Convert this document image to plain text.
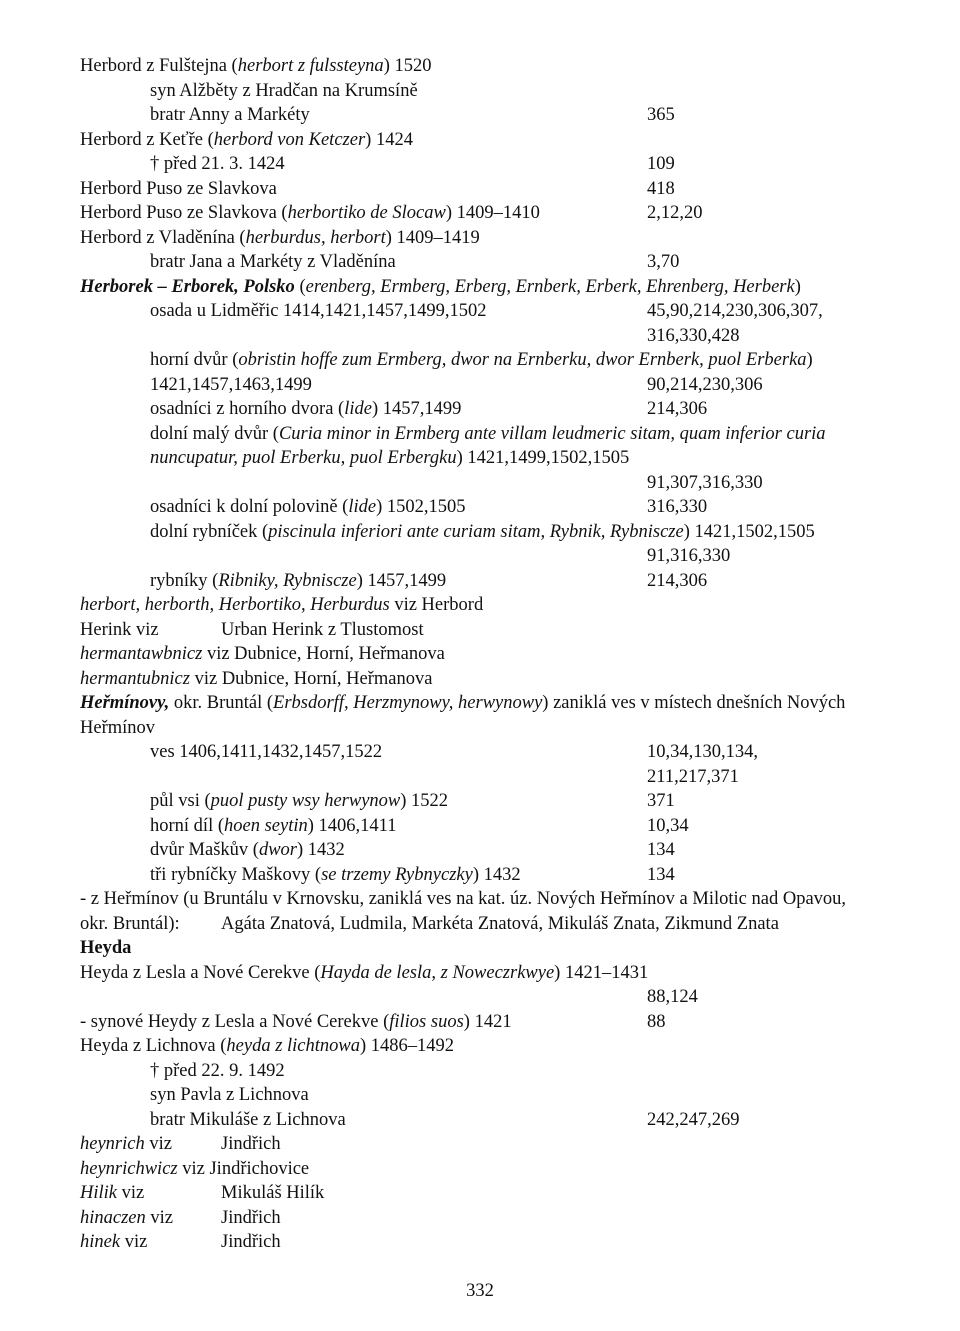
Herbord z Fulštejna (herbort z fulssteyna) 1520
syn Alžběty z Hradčan na Krumsíně
bratr Anny a Markéty	365
Herbord z Keťře (herbord von Ketczer) 1424
† před 21. 3. 1424	109
Herbord Puso ze Slavkova	418
Herbord Puso ze Slavkova (herbortiko de Slocaw) 1409–1410	2,12,20
Herbord z Vladěnína (herburdus, herbort) 1409–1419
bratr Jana a Markéty z Vladěnína	3,70
Herborek – Erborek, Polsko (erenberg, Ermberg, Erberg, Ernberk, Erberk, Ehrenberg, Herberk)
osada u Lidměřic 1414,1421,1457,1499,1502	45,90,214,230,306,307,
316,330,428
horní dvůr (obristin hoffe zum Ermberg, dwor na Ernberku, dwor Ernberk, puol Erberka)
1421,1457,1463,1499	90,214,230,306
osadníci z horního dvora (lide) 1457,1499	214,306
dolní malý dvůr (Curia minor in Ermberg ante villam leudmeric sitam, quam inferior curia
nuncupatur, puol Erberku, puol Erbergku) 1421,1499,1502,1505
91,307,316,330
osadníci k dolní polovině (lide) 1502,1505	316,330
dolní rybníček (piscinula inferiori ante curiam sitam, Rybnik, Rybniscze) 1421,1502,1505
91,316,330
rybníky (Ribniky, Rybniscze) 1457,1499	214,306
herbort, herborth, Herbortiko, Herburdus viz Herbord
Herink viz	Urban Herink z Tlustomost
hermantawbnicz viz Dubnice, Horní, Heřmanova
hermantubnicz viz Dubnice, Horní, Heřmanova
Heřmínovy, okr. Bruntál (Erbsdorff, Herzmynowy, herwynowy) zaniklá ves v místech dnešních Nových
Heřmínov
ves 1406,1411,1432,1457,1522	10,34,130,134,
211,217,371
půl vsi (puol pusty wsy herwynow) 1522	371
horní díl (hoen seytin) 1406,1411	10,34
dvůr Maškův (dwor) 1432	134
tři rybníčky Maškovy (se trzemy Rybnyczky) 1432	134
- z Heřmínov (u Bruntálu v Krnovsku, zaniklá ves na kat. úz. Nových Heřmínov a Milotic nad Opavou,
okr. Bruntál): Agáta Znatová, Ludmila, Markéta Znatová, Mikuláš Znata, Zikmund Znata
Heyda
Heyda z Lesla a Nové Cerekve (Hayda de lesla, z Noweczrkwye) 1421–1431
88,124
- synové Heydy z Lesla a Nové Cerekve (filios suos) 1421	88
Heyda z Lichnova (heyda z lichtnowa) 1486–1492
† před 22. 9. 1492
syn Pavla z Lichnova
bratr Mikuláše z Lichnova	242,247,269
heynrich viz	Jindřich
heynrichwicz viz Jindřichovice
Hilik viz	Mikuláš Hilík
hinaczen viz	Jindřich
hinek viz	Jindřich
332
